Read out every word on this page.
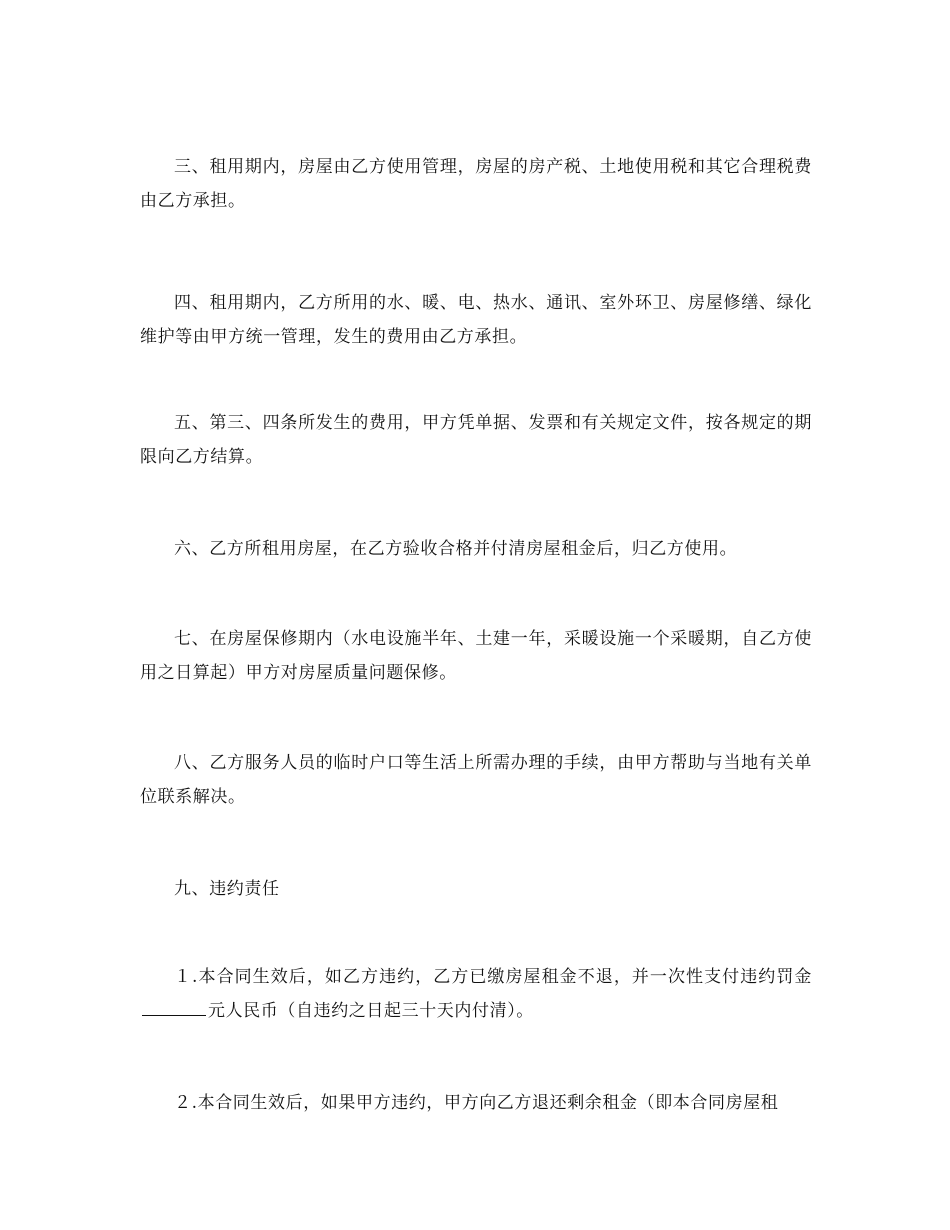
三、租用期内，房屋由乙方使用管理，房屋的房产税、土地使用税和其它合理税费由乙方承担。

四、租用期内，乙方所用的水、暖、电、热水、通讯、室外环卫、房屋修缮、绿化维护等由甲方统一管理，发生的费用由乙方承担。

五、第三、四条所发生的费用，甲方凭单据、发票和有关规定文件，按各规定的期限向乙方结算。

六、乙方所租用房屋，在乙方验收合格并付清房屋租金后，归乙方使用。

七、在房屋保修期内（水电设施半年、土建一年，采暖设施一个采暖期，自乙方使用之日算起）甲方对房屋质量问题保修。

八、乙方服务人员的临时户口等生活上所需办理的手续，由甲方帮助与当地有关单位联系解决。

九、违约责任

１.本合同生效后，如乙方违约，乙方已缴房屋租金不退，并一次性支付违约罚金元人民币（自违约之日起三十天内付清）。

２.本合同生效后，如果甲方违约，甲方向乙方退还剩余租金（即本合同房屋租
